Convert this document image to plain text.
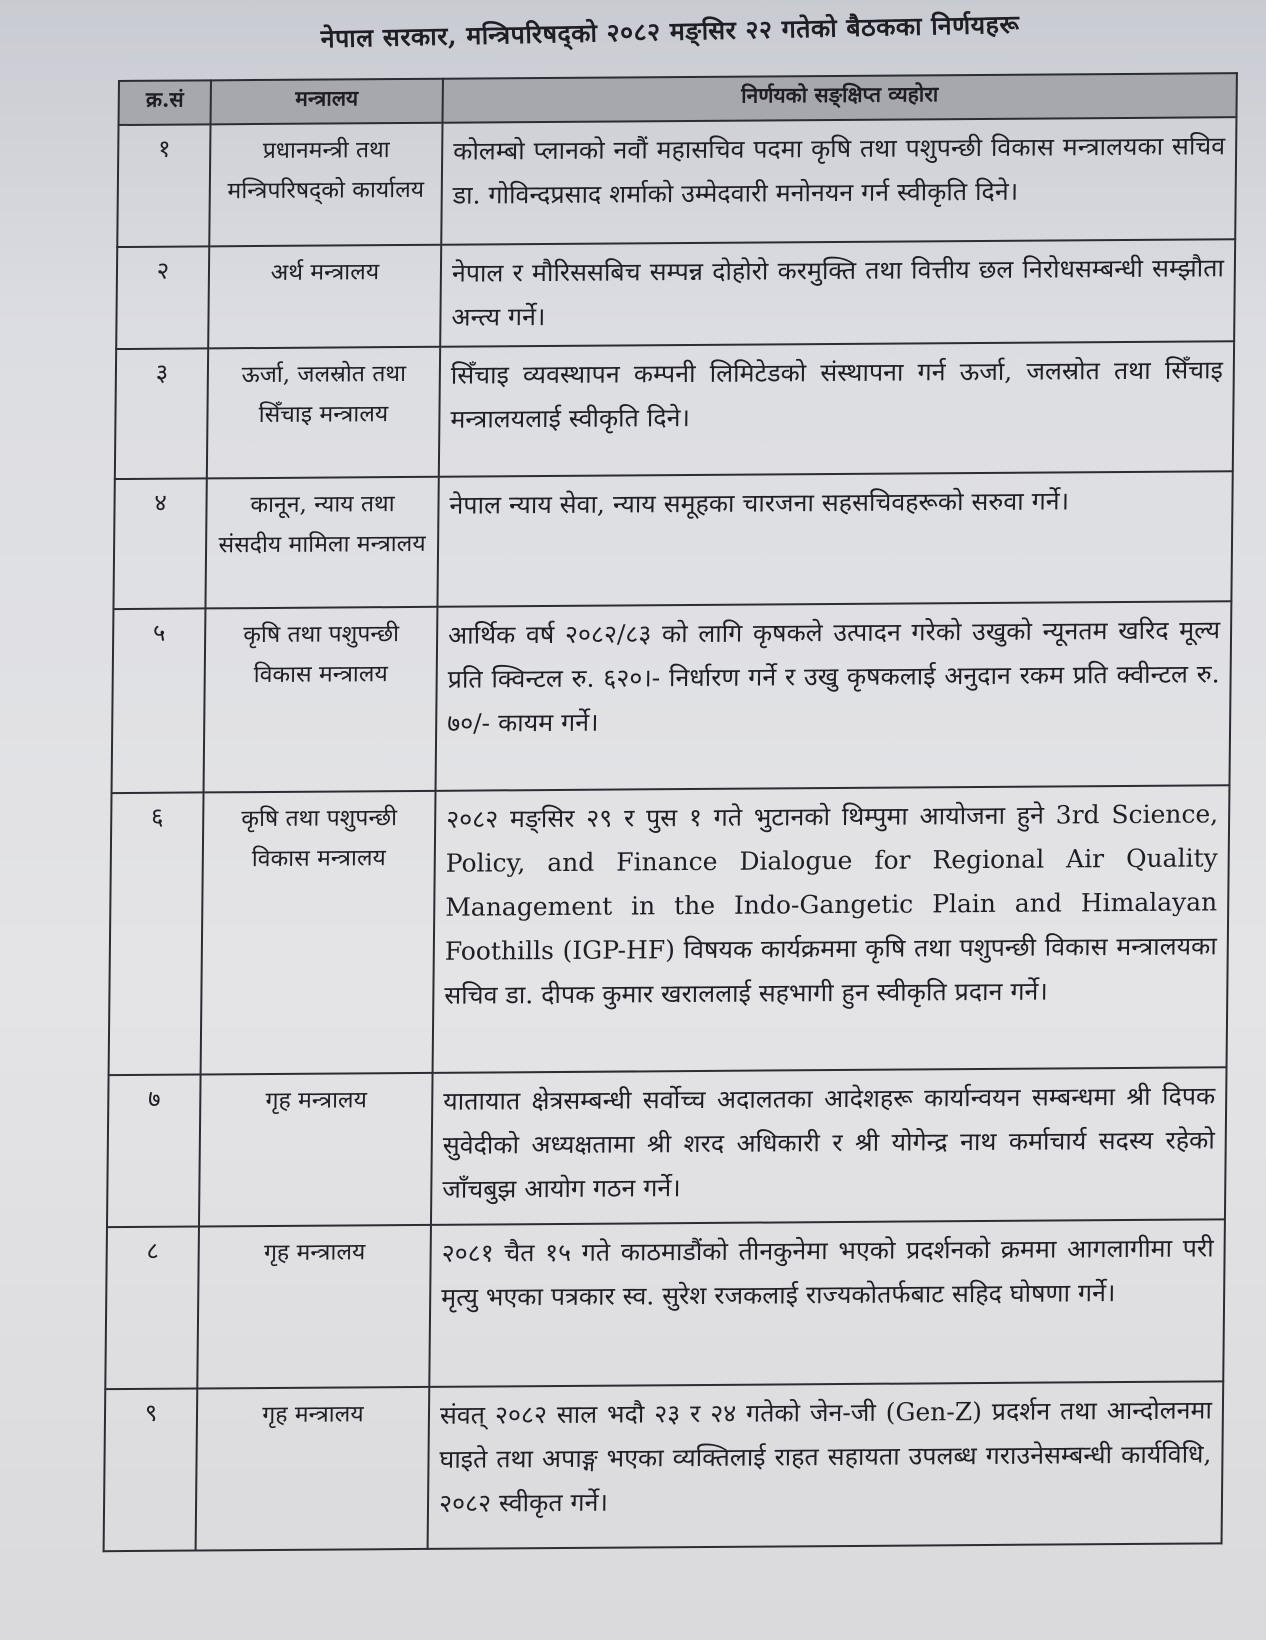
नेपाल सरकार, मन्त्रिपरिषद्को २०८२ मङ्सिर २२ गतेको बैठकका निर्णयहरू
क्र.सं	मन्त्रालय	निर्णयको सङ्क्षिप्त व्यहोरा
१	प्रधानमन्त्री तथा मन्त्रिपरिषद्को कार्यालय	कोलम्बो प्लानको नवौं महासचिव पदमा कृषि तथा पशुपन्छी विकास मन्त्रालयका सचिव डा. गोविन्दप्रसाद शर्माको उम्मेदवारी मनोनयन गर्न स्वीकृति दिने।
२	अर्थ मन्त्रालय	नेपाल र मौरिससबिच सम्पन्न दोहोरो करमुक्ति तथा वित्तीय छल निरोधसम्बन्धी सम्झौता अन्त्य गर्ने।
३	ऊर्जा, जलस्रोत तथा सिँचाइ मन्त्रालय	सिँचाइ व्यवस्थापन कम्पनी लिमिटेडको संस्थापना गर्न ऊर्जा, जलस्रोत तथा सिँचाइ मन्त्रालयलाई स्वीकृति दिने।
४	कानून, न्याय तथा संसदीय मामिला मन्त्रालय	नेपाल न्याय सेवा, न्याय समूहका चारजना सहसचिवहरूको सरुवा गर्ने।
५	कृषि तथा पशुपन्छी विकास मन्त्रालय	आर्थिक वर्ष २०८२/८३ को लागि कृषकले उत्पादन गरेको उखुको न्यूनतम खरिद मूल्य प्रति क्विन्टल रु. ६२०।- निर्धारण गर्ने र उखु कृषकलाई अनुदान रकम प्रति क्वीन्टल रु. ७०/- कायम गर्ने।
६	कृषि तथा पशुपन्छी विकास मन्त्रालय	२०८२ मङ्सिर २९ र पुस १ गते भुटानको थिम्पुमा आयोजना हुने 3rd Science, Policy, and Finance Dialogue for Regional Air Quality Management in the Indo-Gangetic Plain and Himalayan Foothills (IGP-HF) विषयक कार्यक्रममा कृषि तथा पशुपन्छी विकास मन्त्रालयका सचिव डा. दीपक कुमार खराललाई सहभागी हुन स्वीकृति प्रदान गर्ने।
७	गृह मन्त्रालय	यातायात क्षेत्रसम्बन्धी सर्वोच्च अदालतका आदेशहरू कार्यान्वयन सम्बन्धमा श्री दिपक सुवेदीको अध्यक्षतामा श्री शरद अधिकारी र श्री योगेन्द्र नाथ कर्माचार्य सदस्य रहेको जाँचबुझ आयोग गठन गर्ने।
८	गृह मन्त्रालय	२०८१ चैत १५ गते काठमाडौंको तीनकुनेमा भएको प्रदर्शनको क्रममा आगलागीमा परी मृत्यु भएका पत्रकार स्व. सुरेश रजकलाई राज्यकोतर्फबाट सहिद घोषणा गर्ने।
९	गृह मन्त्रालय	संवत् २०८२ साल भदौ २३ र २४ गतेको जेन-जी (Gen-Z) प्रदर्शन तथा आन्दोलनमा घाइते तथा अपाङ्ग भएका व्यक्तिलाई राहत सहायता उपलब्ध गराउनेसम्बन्धी कार्यविधि, २०८२ स्वीकृत गर्ने।
